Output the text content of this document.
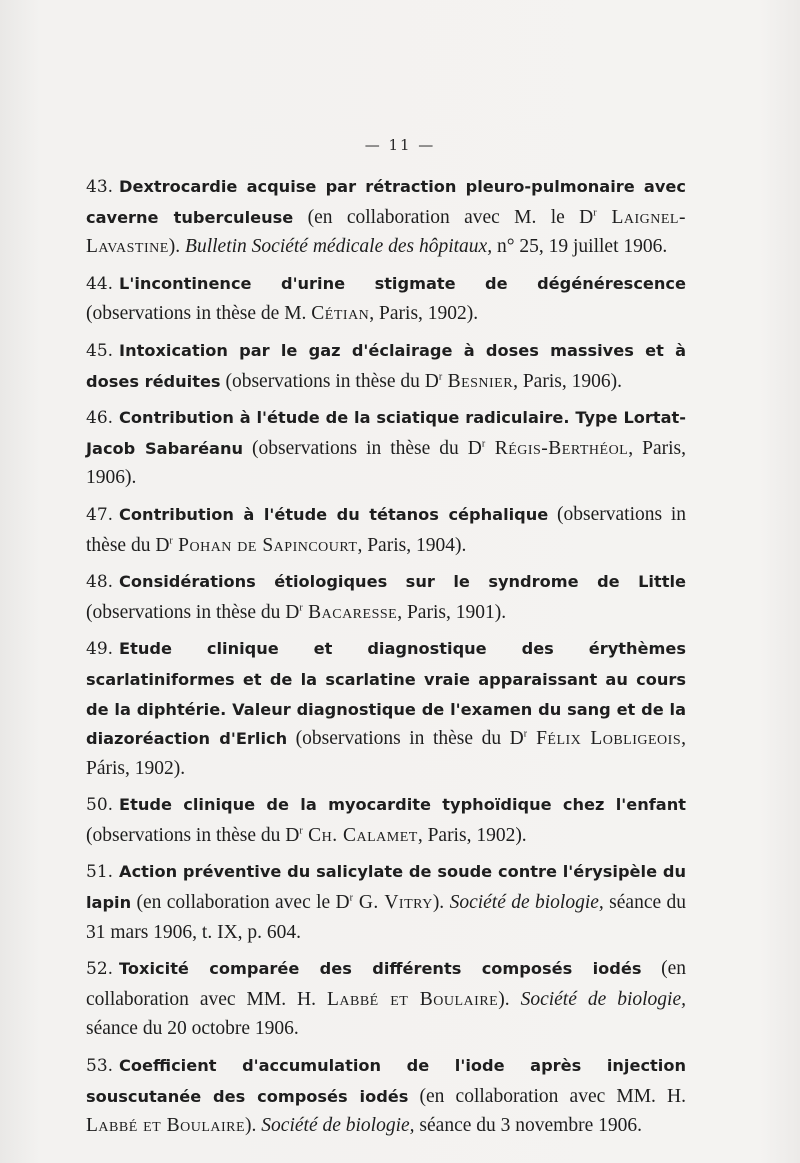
— 11 —

43. Dextrocardie acquise par rétraction pleuro-pulmonaire avec caverne tuberculeuse (en collaboration avec M. le $D^r$ Laignel-Lavastine). Bulletin Société médicale des hôpitaux, n° 25, 19 juillet 1906.

44. L'incontinence d'urine stigmate de dégénérescence (observations in thèse de M. Cétian, Paris, 1902).

45. Intoxication par le gaz d'éclairage à doses massives et à doses réduites (observations in thèse du $D^r$ Besnier, Paris, 1906).

46. Contribution à l'étude de la sciatique radiculaire. Type Lortat-Jacob Sabaréanu (observations in thèse du $D^r$ Régis-Berthéol, Paris, 1906).

47. Contribution à l'étude du tétanos céphalique (observations in thèse du $D^r$ Pohan de Sapincourt, Paris, 1904).

48. Considérations étiologiques sur le syndrome de Little (observations in thèse du $D^r$ Bacaresse, Paris, 1901).

49. Etude clinique et diagnostique des érythèmes scarlatiniformes et de la scarlatine vraie apparaissant au cours de la diphtérie. Valeur diagnostique de l'examen du sang et de la diazoréaction d'Erlich (observations in thèse du $D^r$ Félix Lobligeois, Páris, 1902).

50. Etude clinique de la myocardite typhoïdique chez l'enfant (observations in thèse du $D^r$ Ch. Calamet, Paris, 1902).

51. Action préventive du salicylate de soude contre l'érysipèle du lapin (en collaboration avec le $D^r$ G. Vitry). Société de biologie, séance du 31 mars 1906, t. IX, p. 604.

52. Toxicité comparée des différents composés iodés (en collaboration avec MM. H. Labbé et Boulaire). Société de biologie, séance du 20 octobre 1906.

53. Coefficient d'accumulation de l'iode après injection souscutanée des composés iodés (en collaboration avec MM. H. Labbé et Boulaire). Société de biologie, séance du 3 novembre 1906.
